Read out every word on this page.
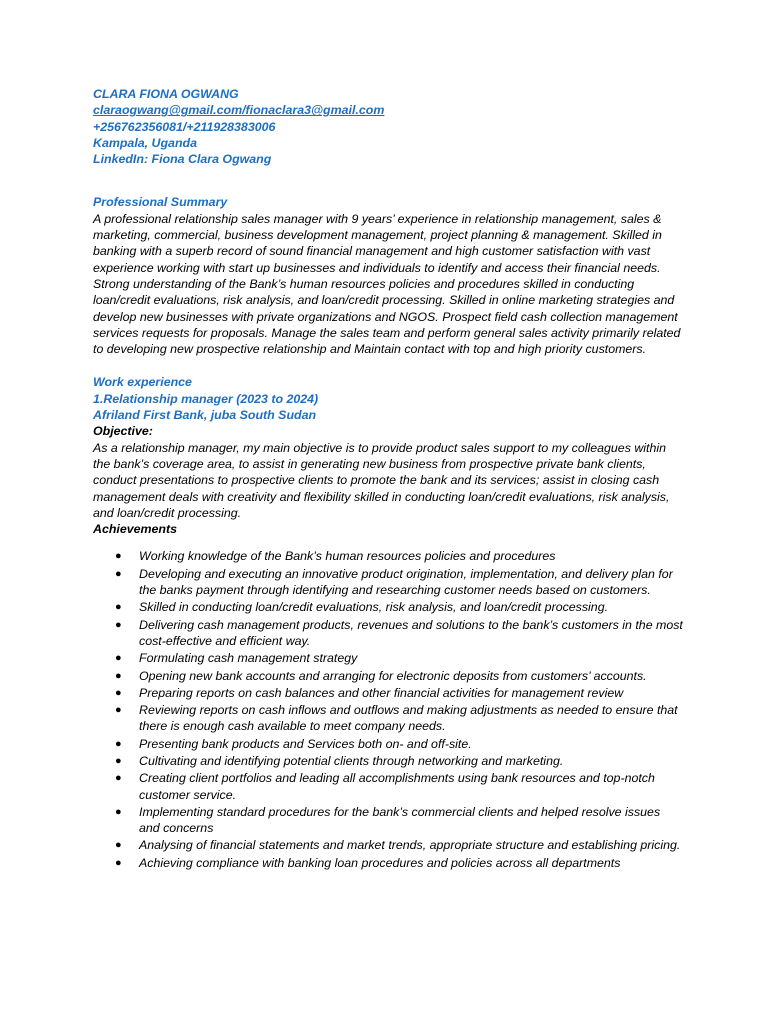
CLARA FIONA OGWANG
claraogwang@gmail.com/fionaclara3@gmail.com
+256762356081/+211928383006
Kampala, Uganda
LinkedIn: Fiona Clara Ogwang
Professional Summary

A professional relationship sales manager with 9 years’ experience in relationship management, sales & marketing, commercial, business development management, project planning & management. Skilled in banking with a superb record of sound financial management and high customer satisfaction with vast experience working with start up businesses and individuals to identify and access their financial needs. Strong understanding of the Bank’s human resources policies and procedures skilled in conducting loan/credit evaluations, risk analysis, and loan/credit processing. Skilled in online marketing strategies and develop new businesses with private organizations and NGOS. Prospect field cash collection management services requests for proposals. Manage the sales team and perform general sales activity primarily related to developing new prospective relationship and Maintain contact with top and high priority customers.

Work experience
1.Relationship manager (2023 to 2024)
Afriland First Bank, juba South Sudan
Objective:

As a relationship manager, my main objective is to provide product sales support to my colleagues within the bank’s coverage area, to assist in generating new business from prospective private bank clients, conduct presentations to prospective clients to promote the bank and its services; assist in closing cash management deals with creativity and flexibility skilled in conducting loan/credit evaluations, risk analysis, and loan/credit processing.

Achievements
● Working knowledge of the Bank’s human resources policies and procedures
● Developing and executing an innovative product origination, implementation, and delivery plan for the banks payment through identifying and researching customer needs based on customers.
● Skilled in conducting loan/credit evaluations, risk analysis, and loan/credit processing.
● Delivering cash management products, revenues and solutions to the bank’s customers in the most cost-effective and efficient way.
● Formulating cash management strategy
● Opening new bank accounts and arranging for electronic deposits from customers’ accounts.
● Preparing reports on cash balances and other financial activities for management review
● Reviewing reports on cash inflows and outflows and making adjustments as needed to ensure that there is enough cash available to meet company needs.
● Presenting bank products and Services both on- and off-site.
● Cultivating and identifying potential clients through networking and marketing.
● Creating client portfolios and leading all accomplishments using bank resources and top-notch customer service.
● Implementing standard procedures for the bank’s commercial clients and helped resolve issues and concerns
● Analysing of financial statements and market trends, appropriate structure and establishing pricing.
● Achieving compliance with banking loan procedures and policies across all departments
